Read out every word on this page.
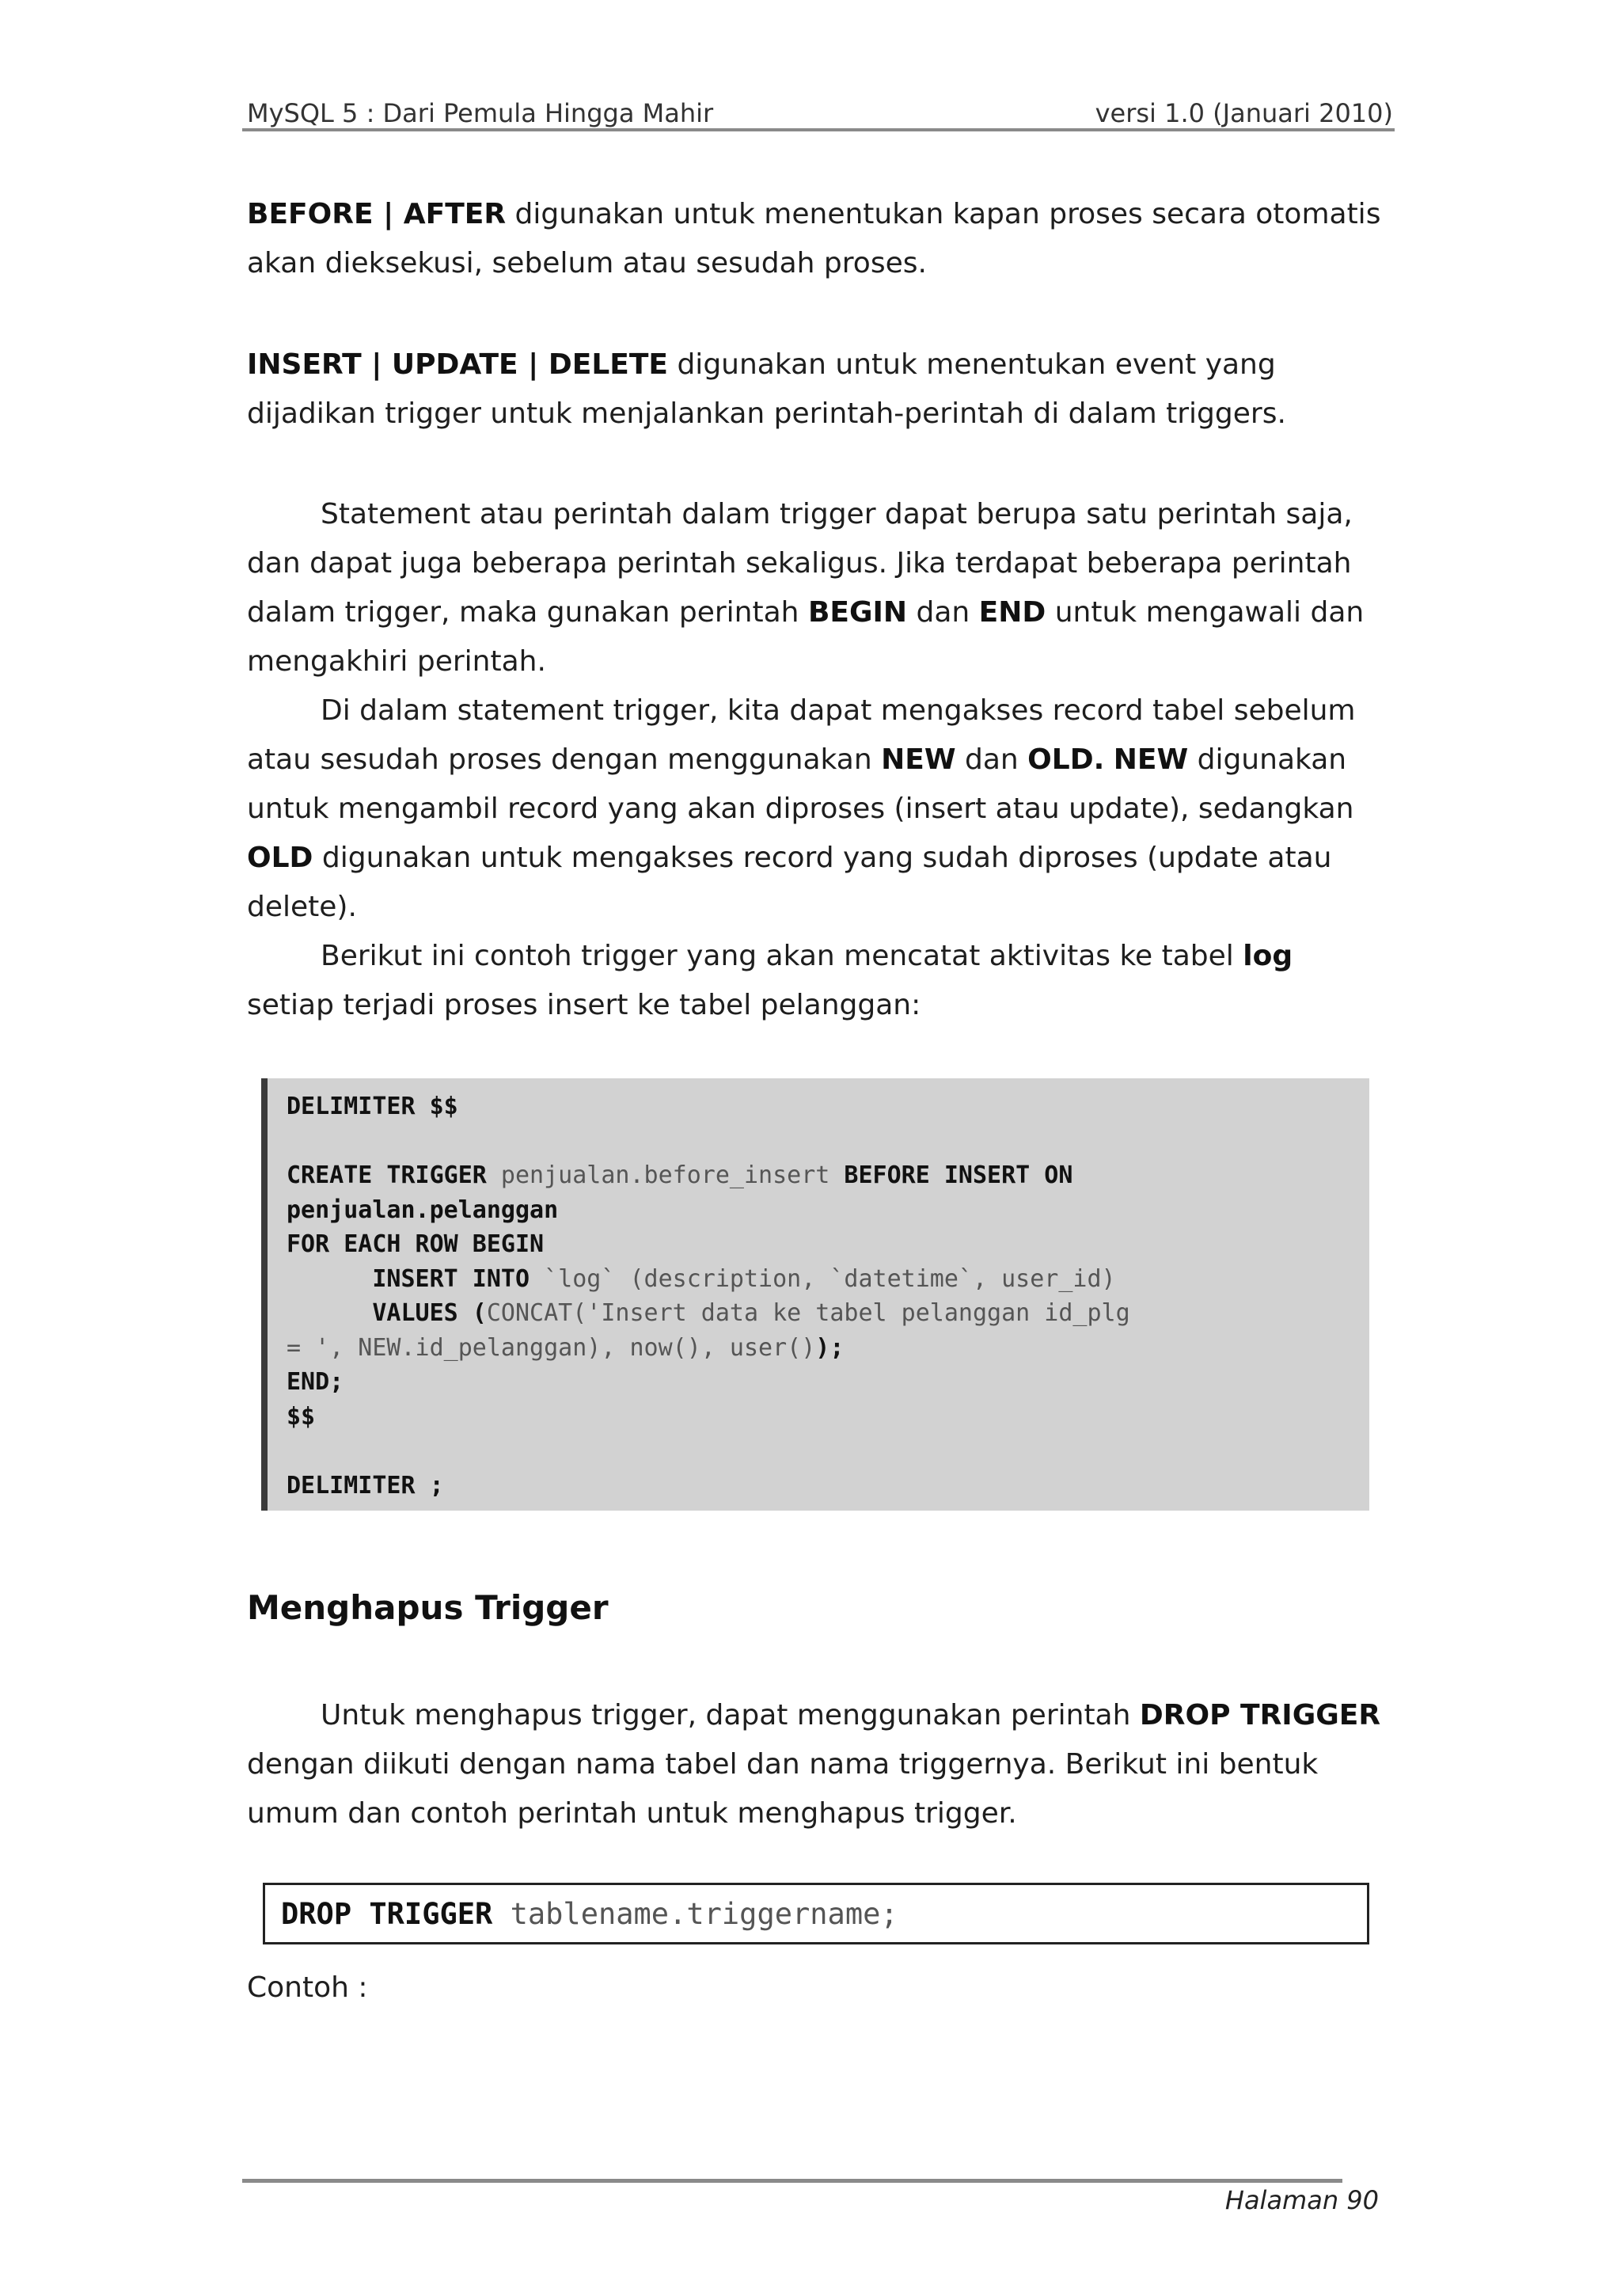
MySQL 5 : Dari Pemula Hingga Mahir	versi 1.0 (Januari 2010)

BEFORE | AFTER digunakan untuk menentukan kapan proses secara otomatis akan dieksekusi, sebelum atau sesudah proses.

INSERT | UPDATE | DELETE digunakan untuk menentukan event yang dijadikan trigger untuk menjalankan perintah-perintah di dalam triggers.

Statement atau perintah dalam trigger dapat berupa satu perintah saja, dan dapat juga beberapa perintah sekaligus. Jika terdapat beberapa perintah dalam trigger, maka gunakan perintah BEGIN dan END untuk mengawali dan mengakhiri perintah.

Di dalam statement trigger, kita dapat mengakses record tabel sebelum atau sesudah proses dengan menggunakan NEW dan OLD. NEW digunakan untuk mengambil record yang akan diproses (insert atau update), sedangkan OLD digunakan untuk mengakses record yang sudah diproses (update atau delete).

Berikut ini contoh trigger yang akan mencatat aktivitas ke tabel log setiap terjadi proses insert ke tabel pelanggan:

DELIMITER $$

CREATE TRIGGER penjualan.before_insert BEFORE INSERT ON
penjualan.pelanggan
FOR EACH ROW BEGIN
INSERT INTO `log` (description, `datetime`, user_id)
VALUES (CONCAT('Insert data ke tabel pelanggan id_plg
= ', NEW.id_pelanggan), now(), user());
END;
$$

DELIMITER ;
Menghapus Trigger

Untuk menghapus trigger, dapat menggunakan perintah DROP TRIGGER dengan diikuti dengan nama tabel dan nama triggernya. Berikut ini bentuk umum dan contoh perintah untuk menghapus trigger.

DROP TRIGGER tablename.triggername;

Contoh :

Halaman 90
